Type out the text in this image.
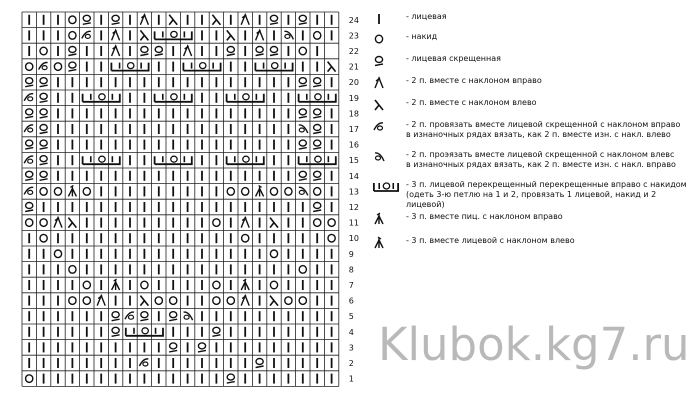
24
23
22
21
20
19
18
17
16
15
14
13
12
11
10
9
8
7
6
5
4
3
2
1
- лицевая
- накид
- лицевая скрещенная
- 2 п. вместе с наклоном вправо
- 2 п. вместе с наклоном влево
- 2 п. провязать вместе лицевой скрещенной с наклоном вправо
в изнаночных рядах вязать, как 2 п. вместе изн. с накл. влево
- 2 п. проэязать вместе лицевой скрещенной с наклоном влевс
в изнаночных рядах вязать, как 2 п. вместе изн. с накл. вправо
- 3 п. лицевой перекрещенный перекрещенные вправо с накидом
(одеть 3-ю петлю на 1 и 2, провязать 1 лицевой, накид и 2
лицевой)
- 3 п. вместе пиц. с наклоном вправо
- 3 п. вместе лицевой с наклоном влево
Klubok.kg7.ru
